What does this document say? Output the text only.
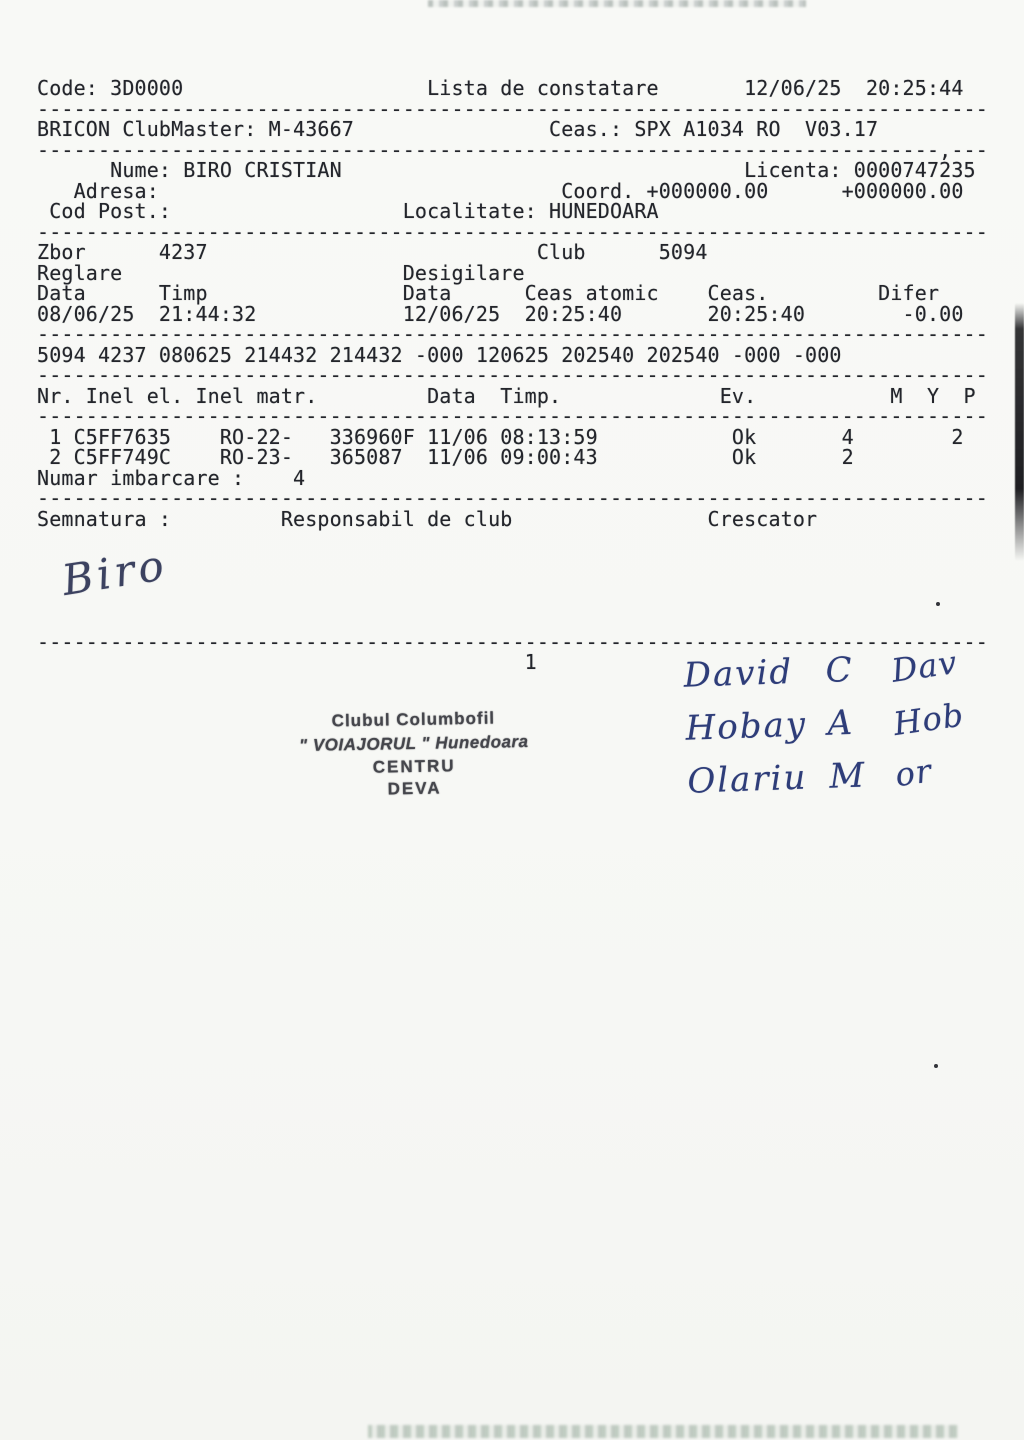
Code: 3D0000                    Lista de constatare       12/06/25  20:25:44
------------------------------------------------------------------------------
BRICON ClubMaster: M-43667                Ceas.: SPX A1034 RO  V03.17
--------------------------------------------------------------------------,---
Nume: BIRO CRISTIAN                                 Licenta: 0000747235
Adresa:                                 Coord. +000000.00      +000000.00
Cod Post.:                   Localitate: HUNEDOARA
------------------------------------------------------------------------------
Zbor      4237                           Club      5094
Reglare                       Desigilare
Data      Timp                Data      Ceas atomic    Ceas.         Difer
08/06/25  21:44:32            12/06/25  20:25:40       20:25:40        -0.00
------------------------------------------------------------------------------
5094 4237 080625 214432 214432 -000 120625 202540 202540 -000 -000
------------------------------------------------------------------------------
Nr. Inel el. Inel matr.         Data  Timp.             Ev.           M  Y  P
------------------------------------------------------------------------------
1 C5FF7635    RO-22-   336960F 11/06 08:13:59           Ok       4        2
2 C5FF749C    RO-23-   365087  11/06 09:00:43           Ok       2
Numar imbarcare :    4
------------------------------------------------------------------------------
Semnatura :         Responsabil de club                Crescator
------------------------------------------------------------------------------
1
Biro
Clubul Columbofil
" VOIAJORUL " Hunedoara
CENTRU
DEVA
David C Dav
Hobay A Hob
Olariu M or
